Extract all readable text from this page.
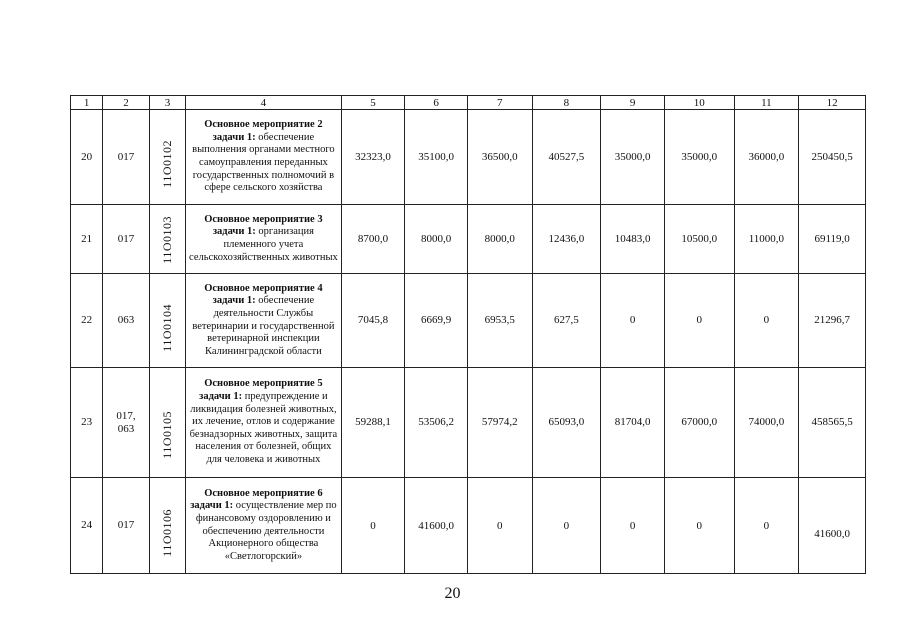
1	2	3	4	5	6	7	8	9	10	11	12
20	017	11О0102	Основное мероприятие 2 задачи 1: обеспечение выполнения органами местного самоуправления переданных государственных полномочий в сфере сельского хозяйства	32323,0	35100,0	36500,0	40527,5	35000,0	35000,0	36000,0	250450,5
21	017	11О0103	Основное мероприятие 3 задачи 1: организация племенного учета сельскохозяйственных животных	8700,0	8000,0	8000,0	12436,0	10483,0	10500,0	11000,0	69119,0
22	063	11О0104	Основное мероприятие 4 задачи 1: обеспечение деятельности Службы ветеринарии и государственной ветеринарной инспекции Калининградской области	7045,8	6669,9	6953,5	627,5	0	0	0	21296,7
23	017, 063	11О0105	Основное мероприятие 5 задачи 1: предупреждение и ликвидация болезней животных, их лечение, отлов и содержание безнадзорных животных, защита населения от болезней, общих для человека и животных	59288,1	53506,2	57974,2	65093,0	81704,0	67000,0	74000,0	458565,5
24	017	11О0106	Основное мероприятие 6 задачи 1: осуществление мер по финансовому оздоровлению и обеспечению деятельности Акционерного общества «Светлогорский»	0	41600,0	0	0	0	0	0	41600,0
20
